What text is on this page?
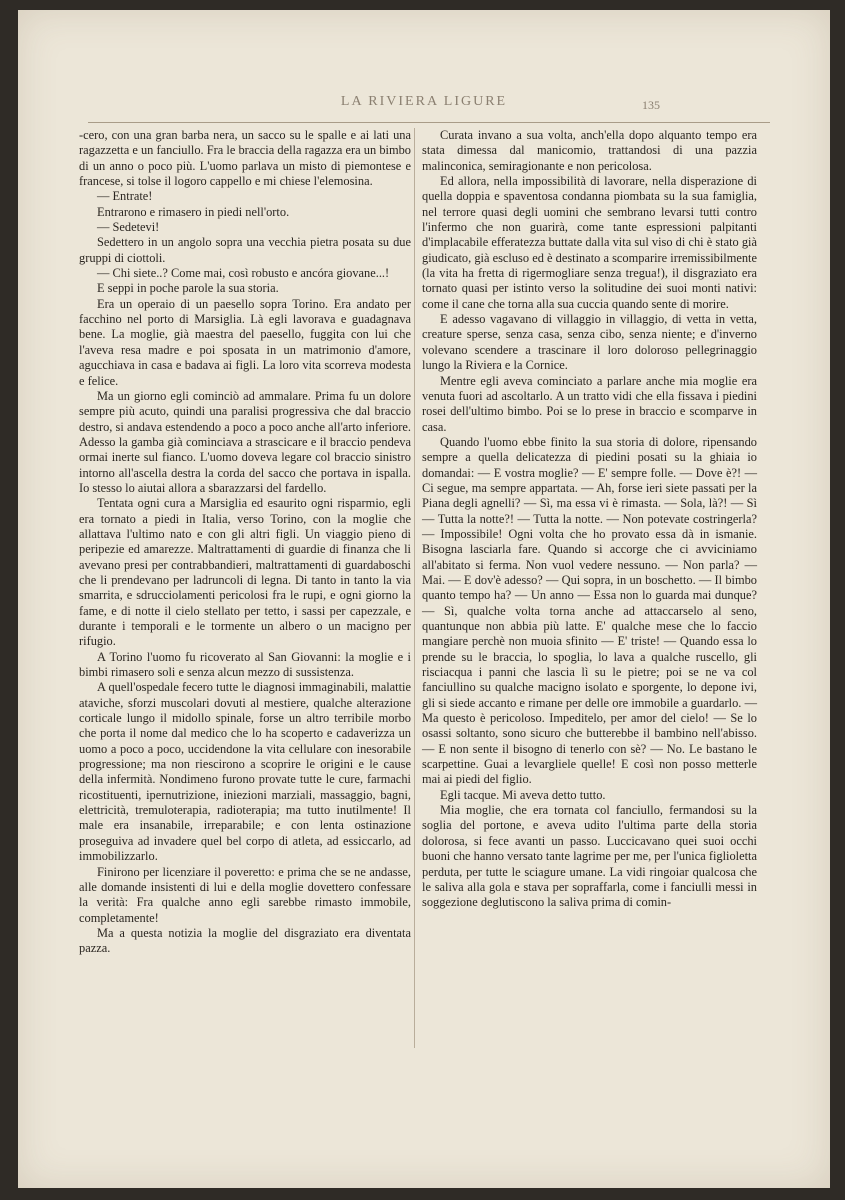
LA RIVIERA LIGURE	135

-cero, con una gran barba nera, un sacco su le spalle e ai lati una ragazzetta e un fanciullo. Fra le braccia della ragazza era un bimbo di un anno o poco più. L'uomo parlava un misto di piemontese e francese, si tolse il logoro cappello e mi chiese l'elemosina.

— Entrate!

Entrarono e rimasero in piedi nell'orto.

— Sedetevi!

Sedettero in un angolo sopra una vecchia pietra posata su due gruppi di ciottoli.

— Chi siete..? Come mai, così robusto e ancóra giovane...!

E seppi in poche parole la sua storia.

Era un operaio di un paesello sopra Torino. Era andato per facchino nel porto di Marsiglia. Là egli lavorava e guadagnava bene. La moglie, già maestra del paesello, fuggita con lui che l'aveva resa madre e poi sposata in un matrimonio d'amore, agucchiava in casa e badava ai figli. La loro vita scorreva modesta e felice.

Ma un giorno egli cominciò ad ammalare. Prima fu un dolore sempre più acuto, quindi una paralisi progressiva che dal braccio destro, si andava estendendo a poco a poco anche all'arto inferiore. Adesso la gamba già cominciava a strascicare e il braccio pendeva ormai inerte sul fianco. L'uomo doveva legare col braccio sinistro intorno all'ascella destra la corda del sacco che portava in ispalla. Io stesso lo aiutai allora a sbarazzarsi del fardello.

Tentata ogni cura a Marsiglia ed esaurito ogni risparmio, egli era tornato a piedi in Italia, verso Torino, con la moglie che allattava l'ultimo nato e con gli altri figli. Un viaggio pieno di peripezie ed amarezze. Maltrattamenti di guardie di finanza che li avevano presi per contrabbandieri, maltrattamenti di guardaboschi che li prendevano per ladruncoli di legna. Di tanto in tanto la via smarrita, e sdrucciolamenti pericolosi fra le rupi, e ogni giorno la fame, e di notte il cielo stellato per tetto, i sassi per capezzale, e durante i temporali e le tormente un albero o un macigno per rifugio.

A Torino l'uomo fu ricoverato al San Giovanni: la moglie e i bimbi rimasero soli e senza alcun mezzo di sussistenza.

A quell'ospedale fecero tutte le diagnosi immaginabili, malattie ataviche, sforzi muscolari dovuti al mestiere, qualche alterazione corticale lungo il midollo spinale, forse un altro terribile morbo che porta il nome dal medico che lo ha scoperto e cadaverizza un uomo a poco a poco, uccidendone la vita cellulare con inesorabile progressione; ma non riescirono a scoprire le origini e le cause della infermità. Nondimeno furono provate tutte le cure, farmachi ricostituenti, ipernutrizione, iniezioni marziali, massaggio, bagni, elettricità, tremuloterapia, radioterapia; ma tutto inutilmente! Il male era insanabile, irreparabile; e con lenta ostinazione proseguiva ad invadere quel bel corpo di atleta, ad essiccarlo, ad immobilizzarlo.

Finirono per licenziare il poveretto: e prima che se ne andasse, alle domande insistenti di lui e della moglie dovettero confessare la verità: Fra qualche anno egli sarebbe rimasto immobile, completamente!

Ma a questa notizia la moglie del disgraziato era diventata pazza.

Curata invano a sua volta, anch'ella dopo alquanto tempo era stata dimessa dal manicomio, trattandosi di una pazzia malinconica, semiragionante e non pericolosa.

Ed allora, nella impossibilità di lavorare, nella disperazione di quella doppia e spaventosa condanna piombata su la sua famiglia, nel terrore quasi degli uomini che sembrano levarsi tutti contro l'infermo che non guarirà, come tante espressioni palpitanti d'implacabile efferatezza buttate dalla vita sul viso di chi è stato già giudicato, già escluso ed è destinato a scomparire irremissibilmente (la vita ha fretta di rigermogliare senza tregua!), il disgraziato era tornato quasi per istinto verso la solitudine dei suoi monti nativi: come il cane che torna alla sua cuccia quando sente di morire.

E adesso vagavano di villaggio in villaggio, di vetta in vetta, creature sperse, senza casa, senza cibo, senza niente; e d'inverno volevano scendere a trascinare il loro doloroso pellegrinaggio lungo la Riviera e la Cornice.

Mentre egli aveva cominciato a parlare anche mia moglie era venuta fuori ad ascoltarlo. A un tratto vidi che ella fissava i piedini rosei dell'ultimo bimbo. Poi se lo prese in braccio e scomparve in casa.

Quando l'uomo ebbe finito la sua storia di dolore, ripensando sempre a quella delicatezza di piedini posati su la ghiaia io domandai: — E vostra moglie? — E' sempre folle. — Dove è?! — Ci segue, ma sempre appartata. — Ah, forse ieri siete passati per la Piana degli agnelli? — Sì, ma essa vi è rimasta. — Sola, là?! — Sì — Tutta la notte?! — Tutta la notte. — Non potevate costringerla? — Impossibile! Ogni volta che ho provato essa dà in ismanie. Bisogna lasciarla fare. Quando si accorge che ci avviciniamo all'abitato si ferma. Non vuol vedere nessuno. — Non parla? — Mai. — E dov'è adesso? — Qui sopra, in un boschetto. — Il bimbo quanto tempo ha? — Un anno — Essa non lo guarda mai dunque? — Sì, qualche volta torna anche ad attaccarselo al seno, quantunque non abbia più latte. E' qualche mese che lo faccio mangiare perchè non muoia sfinito — E' triste! — Quando essa lo prende su le braccia, lo spoglia, lo lava a qualche ruscello, gli risciacqua i panni che lascia lì su le pietre; poi se ne va col fanciullino su qualche macigno isolato e sporgente, lo depone ivi, gli si siede accanto e rimane per delle ore immobile a guardarlo. — Ma questo è pericoloso. Impeditelo, per amor del cielo! — Se lo osassi soltanto, sono sicuro che butterebbe il bambino nell'abisso. — E non sente il bisogno di tenerlo con sè? — No. Le bastano le scarpettine. Guai a levargliele quelle! E così non posso metterle mai ai piedi del figlio.

Egli tacque. Mi aveva detto tutto.

Mia moglie, che era tornata col fanciullo, fermandosi su la soglia del portone, e aveva udito l'ultima parte della storia dolorosa, si fece avanti un passo. Luccicavano quei suoi occhi buoni che hanno versato tante lagrime per me, per l'unica figlioletta perduta, per tutte le sciagure umane. La vidi ringoiar qualcosa che le saliva alla gola e stava per sopraffarla, come i fanciulli messi in soggezione deglutiscono la saliva prima di comin-
